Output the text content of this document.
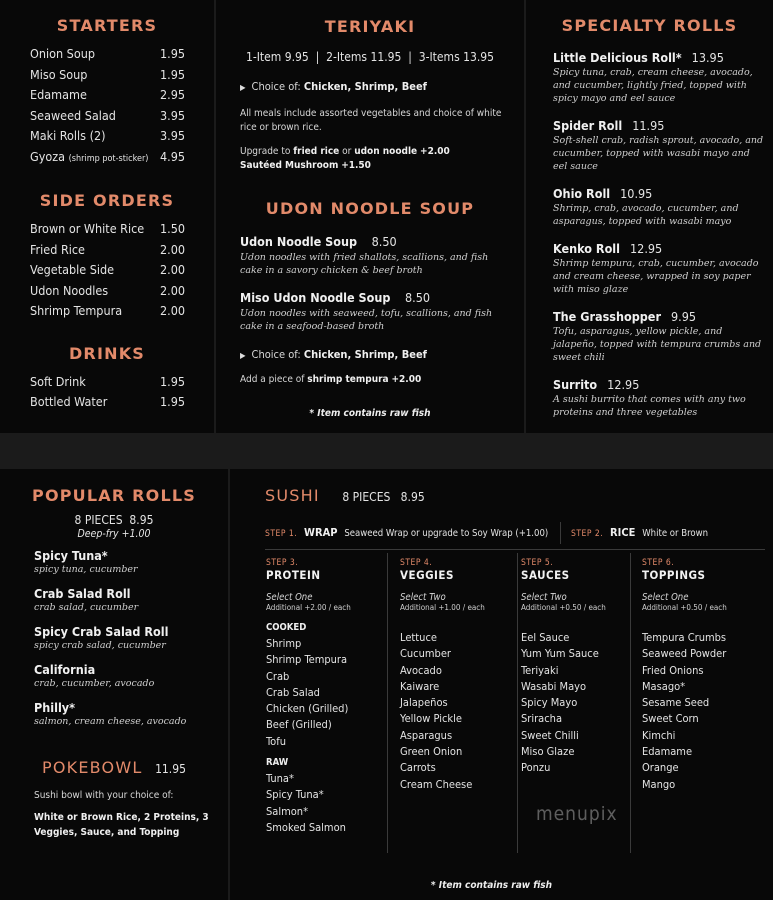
STARTERS
Onion Soup	1.95
Miso Soup	1.95
Edamame	2.95
Seaweed Salad	3.95
Maki Rolls (2)	3.95
Gyoza (shrimp pot-sticker) 4.95
SIDE ORDERS
Brown or White Rice 1.50
Fried Rice	2.00
Vegetable Side	2.00
Udon Noodles	2.00
Shrimp Tempura	2.00
DRINKS
Soft Drink	1.95
Bottled Water	1.95
TERIYAKI
1-Item 9.95  |  2-Items 11.95  |  3-Items 13.95
▶ Choice of: Chicken, Shrimp, Beef
All meals include assorted vegetables and choice of white rice or brown rice.
Upgrade to fried rice or udon noodle +2.00
Sautéed Mushroom +1.50
UDON NOODLE SOUP
Udon Noodle Soup 8.50
Udon noodles with fried shallots, scallions, and fish cake in a savory chicken & beef broth
Miso Udon Noodle Soup 8.50
Udon noodles with seaweed, tofu, scallions, and fish cake in a seafood-based broth
▶ Choice of: Chicken, Shrimp, Beef
Add a piece of shrimp tempura +2.00
* Item contains raw fish
SPECIALTY ROLLS
Little Delicious Roll* 13.95
Spicy tuna, crab, cream cheese, avocado, and cucumber, lightly fried, topped with spicy mayo and eel sauce
Spider Roll 11.95
Soft-shell crab, radish sprout, avocado, and cucumber, topped with wasabi mayo and eel sauce
Ohio Roll 10.95
Shrimp, crab, avocado, cucumber, and asparagus, topped with wasabi mayo
Kenko Roll 12.95
Shrimp tempura, crab, cucumber, avocado and cream cheese, wrapped in soy paper with miso glaze
The Grasshopper 9.95
Tofu, asparagus, yellow pickle, and jalapeño, topped with tempura crumbs and sweet chili
Surrito 12.95
A sushi burrito that comes with any two proteins and three vegetables
POPULAR ROLLS
8 PIECES  8.95
Deep-fry +1.00
Spicy Tuna*
spicy tuna, cucumber
Crab Salad Roll
crab salad, cucumber
Spicy Crab Salad Roll
spicy crab salad, cucumber
California
crab, cucumber, avocado
Philly*
salmon, cream cheese, avocado
POKEBOWL 11.95
Sushi bowl with your choice of:
White or Brown Rice, 2 Proteins, 3 Veggies, Sauce, and Topping
SUSHI 8 PIECES   8.95
STEP 1. WRAP Seaweed Wrap or upgrade to Soy Wrap (+1.00)	STEP 2. RICE White or Brown
STEP 3.
PROTEIN
Select One
Additional +2.00 / each
COOKED
Shrimp
Shrimp Tempura
Crab
Crab Salad
Chicken (Grilled)
Beef (Grilled)
Tofu
RAW
Tuna*
Spicy Tuna*
Salmon*
Smoked Salmon
STEP 4.
VEGGIES
Select Two
Additional +1.00 / each
Lettuce
Cucumber
Avocado
Kaiware
Jalapeños
Yellow Pickle
Asparagus
Green Onion
Carrots
Cream Cheese
STEP 5.
SAUCES
Select Two
Additional +0.50 / each
Eel Sauce
Yum Yum Sauce
Teriyaki
Wasabi Mayo
Spicy Mayo
Sriracha
Sweet Chilli
Miso Glaze
Ponzu
STEP 6.
TOPPINGS
Select One
Additional +0.50 / each
Tempura Crumbs
Seaweed Powder
Fried Onions
Masago*
Sesame Seed
Sweet Corn
Kimchi
Edamame
Orange
Mango
menupix
* Item contains raw fish
